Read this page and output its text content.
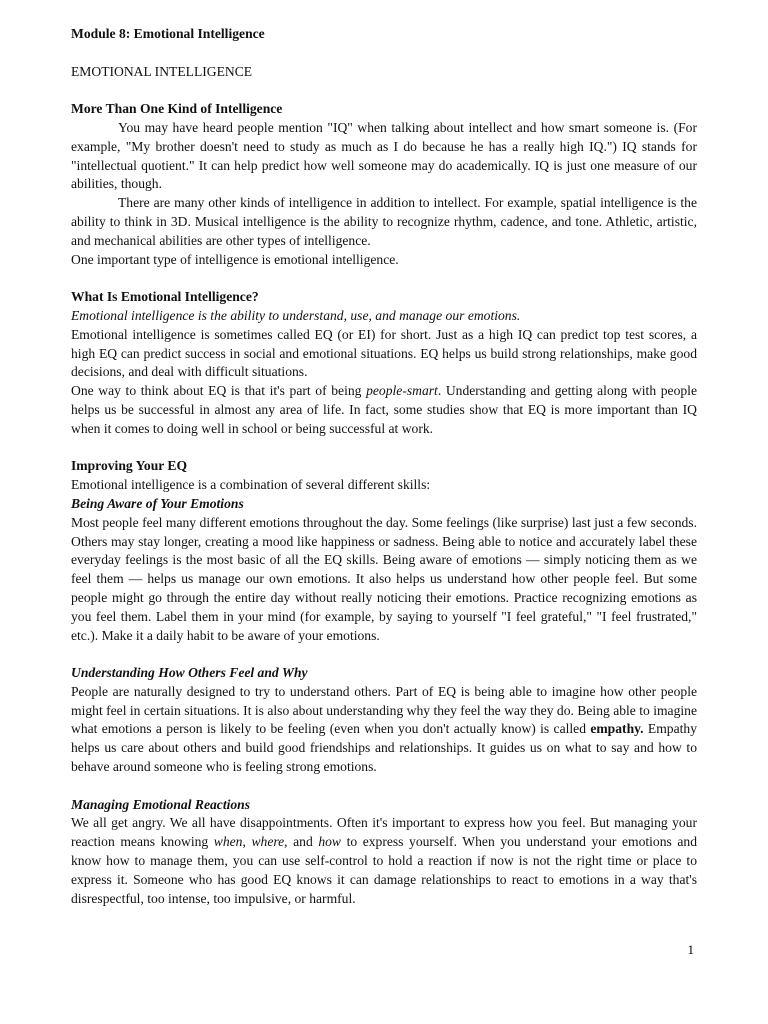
Module 8: Emotional Intelligence

EMOTIONAL INTELLIGENCE

More Than One Kind of Intelligence

You may have heard people mention "IQ" when talking about intellect and how smart someone is. (For example, "My brother doesn't need to study as much as I do because he has a really high IQ.") IQ stands for "intellectual quotient." It can help predict how well someone may do academically. IQ is just one measure of our abilities, though.

There are many other kinds of intelligence in addition to intellect. For example, spatial intelligence is the ability to think in 3D. Musical intelligence is the ability to recognize rhythm, cadence, and tone. Athletic, artistic, and mechanical abilities are other types of intelligence.

One important type of intelligence is emotional intelligence.

What Is Emotional Intelligence?

Emotional intelligence is the ability to understand, use, and manage our emotions.

Emotional intelligence is sometimes called EQ (or EI) for short. Just as a high IQ can predict top test scores, a high EQ can predict success in social and emotional situations. EQ helps us build strong relationships, make good decisions, and deal with difficult situations.

One way to think about EQ is that it's part of being people-smart. Understanding and getting along with people helps us be successful in almost any area of life. In fact, some studies show that EQ is more important than IQ when it comes to doing well in school or being successful at work.

Improving Your EQ

Emotional intelligence is a combination of several different skills:

Being Aware of Your Emotions

Most people feel many different emotions throughout the day. Some feelings (like surprise) last just a few seconds. Others may stay longer, creating a mood like happiness or sadness. Being able to notice and accurately label these everyday feelings is the most basic of all the EQ skills. Being aware of emotions — simply noticing them as we feel them — helps us manage our own emotions. It also helps us understand how other people feel. But some people might go through the entire day without really noticing their emotions. Practice recognizing emotions as you feel them. Label them in your mind (for example, by saying to yourself "I feel grateful," "I feel frustrated," etc.). Make it a daily habit to be aware of your emotions.

Understanding How Others Feel and Why

People are naturally designed to try to understand others. Part of EQ is being able to imagine how other people might feel in certain situations. It is also about understanding why they feel the way they do. Being able to imagine what emotions a person is likely to be feeling (even when you don't actually know) is called empathy. Empathy helps us care about others and build good friendships and relationships. It guides us on what to say and how to behave around someone who is feeling strong emotions.

Managing Emotional Reactions

We all get angry. We all have disappointments. Often it's important to express how you feel. But managing your reaction means knowing when, where, and how to express yourself. When you understand your emotions and know how to manage them, you can use self-control to hold a reaction if now is not the right time or place to express it. Someone who has good EQ knows it can damage relationships to react to emotions in a way that's disrespectful, too intense, too impulsive, or harmful.

1
